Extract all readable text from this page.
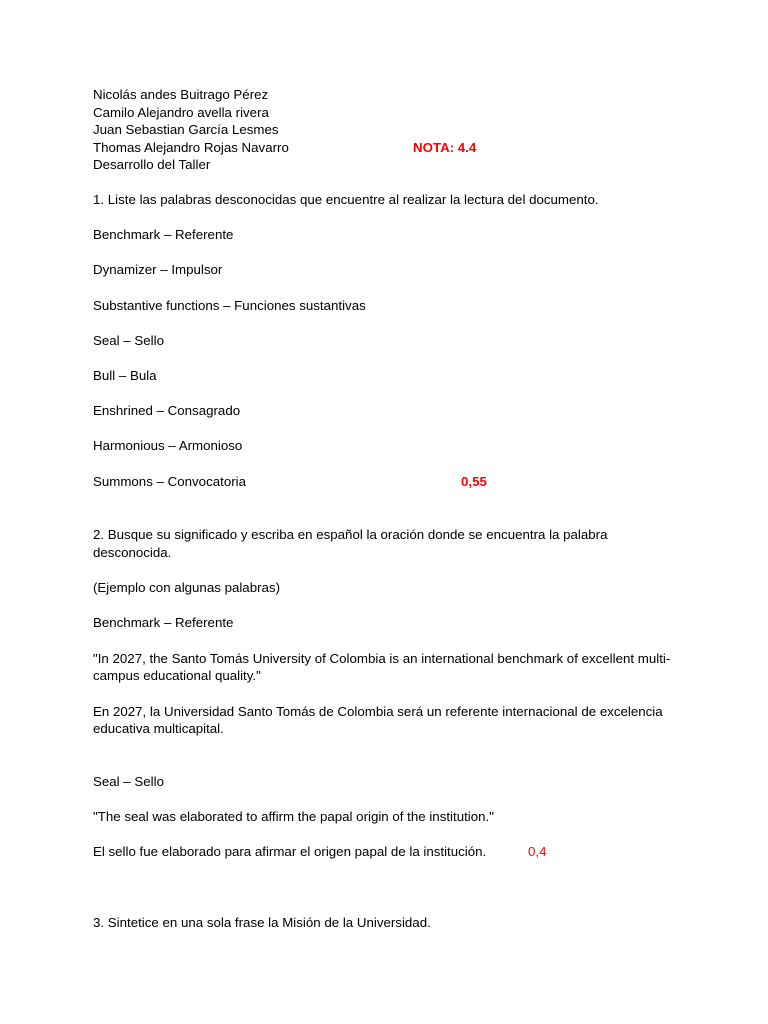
Nicolás andes Buitrago Pérez
Camilo Alejandro avella rivera
Juan Sebastian García Lesmes
Thomas Alejandro Rojas Navarro	NOTA: 4.4
Desarrollo del Taller
1. Liste las palabras desconocidas que encuentre al realizar la lectura del documento.
Benchmark – Referente
Dynamizer – Impulsor
Substantive functions – Funciones sustantivas
Seal – Sello
Bull – Bula
Enshrined – Consagrado
Harmonious – Armonioso
Summons – Convocatoria	0,55
2. Busque su significado y escriba en español la oración donde se encuentra la palabra desconocida.
(Ejemplo con algunas palabras)
Benchmark – Referente
"In 2027, the Santo Tomás University of Colombia is an international benchmark of excellent multi-campus educational quality."
En 2027, la Universidad Santo Tomás de Colombia será un referente internacional de excelencia educativa multicapital.
Seal – Sello
"The seal was elaborated to affirm the papal origin of the institution."
El sello fue elaborado para afirmar el origen papal de la institución.	0,4
3. Sintetice en una sola frase la Misión de la Universidad.
